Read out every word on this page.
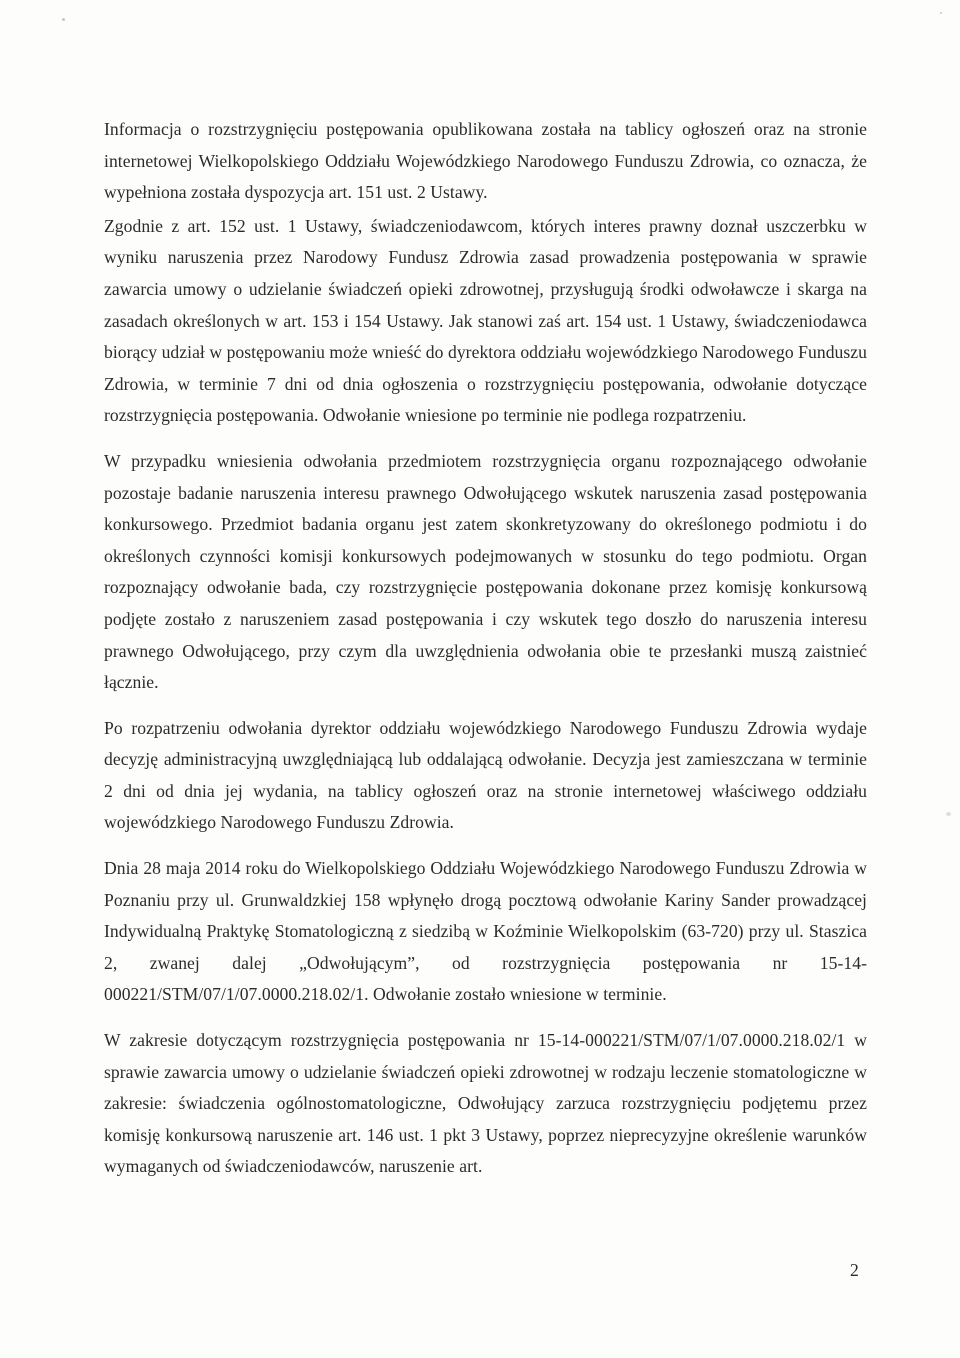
Informacja o rozstrzygnięciu postępowania opublikowana została na tablicy ogłoszeń oraz na stronie internetowej Wielkopolskiego Oddziału Wojewódzkiego Narodowego Funduszu Zdrowia, co oznacza, że wypełniona została dyspozycja art. 151 ust. 2 Ustawy.

Zgodnie z art. 152 ust. 1 Ustawy, świadczeniodawcom, których interes prawny doznał uszczerbku w wyniku naruszenia przez Narodowy Fundusz Zdrowia zasad prowadzenia postępowania w sprawie zawarcia umowy o udzielanie świadczeń opieki zdrowotnej, przysługują środki odwoławcze i skarga na zasadach określonych w art. 153 i 154 Ustawy. Jak stanowi zaś art. 154 ust. 1 Ustawy, świadczeniodawca biorący udział w postępowaniu może wnieść do dyrektora oddziału wojewódzkiego Narodowego Funduszu Zdrowia, w terminie 7 dni od dnia ogłoszenia o rozstrzygnięciu postępowania, odwołanie dotyczące rozstrzygnięcia postępowania. Odwołanie wniesione po terminie nie podlega rozpatrzeniu.

W przypadku wniesienia odwołania przedmiotem rozstrzygnięcia organu rozpoznającego odwołanie pozostaje badanie naruszenia interesu prawnego Odwołującego wskutek naruszenia zasad postępowania konkursowego. Przedmiot badania organu jest zatem skonkretyzowany do określonego podmiotu i do określonych czynności komisji konkursowych podejmowanych w stosunku do tego podmiotu. Organ rozpoznający odwołanie bada, czy rozstrzygnięcie postępowania dokonane przez komisję konkursową podjęte zostało z naruszeniem zasad postępowania i czy wskutek tego doszło do naruszenia interesu prawnego Odwołującego, przy czym dla uwzględnienia odwołania obie te przesłanki muszą zaistnieć łącznie.

Po rozpatrzeniu odwołania dyrektor oddziału wojewódzkiego Narodowego Funduszu Zdrowia wydaje decyzję administracyjną uwzględniającą lub oddalającą odwołanie. Decyzja jest zamieszczana w terminie 2 dni od dnia jej wydania, na tablicy ogłoszeń oraz na stronie internetowej właściwego oddziału wojewódzkiego Narodowego Funduszu Zdrowia.

Dnia 28 maja 2014 roku do Wielkopolskiego Oddziału Wojewódzkiego Narodowego Funduszu Zdrowia w Poznaniu przy ul. Grunwaldzkiej 158 wpłynęło drogą pocztową odwołanie Kariny Sander prowadzącej Indywidualną Praktykę Stomatologiczną z siedzibą w Koźminie Wielkopolskim (63-720) przy ul. Staszica 2, zwanej dalej „Odwołującym”, od rozstrzygnięcia postępowania nr 15-14-000221/STM/07/1/07.0000.218.02/1. Odwołanie zostało wniesione w terminie.

W zakresie dotyczącym rozstrzygnięcia postępowania nr 15-14-000221/STM/07/1/07.0000.218.02/1 w sprawie zawarcia umowy o udzielanie świadczeń opieki zdrowotnej w rodzaju leczenie stomatologiczne w zakresie: świadczenia ogólnostomatologiczne, Odwołujący zarzuca rozstrzygnięciu podjętemu przez komisję konkursową naruszenie art. 146 ust. 1 pkt 3 Ustawy, poprzez nieprecyzyjne określenie warunków wymaganych od świadczeniodawców, naruszenie art.

2
